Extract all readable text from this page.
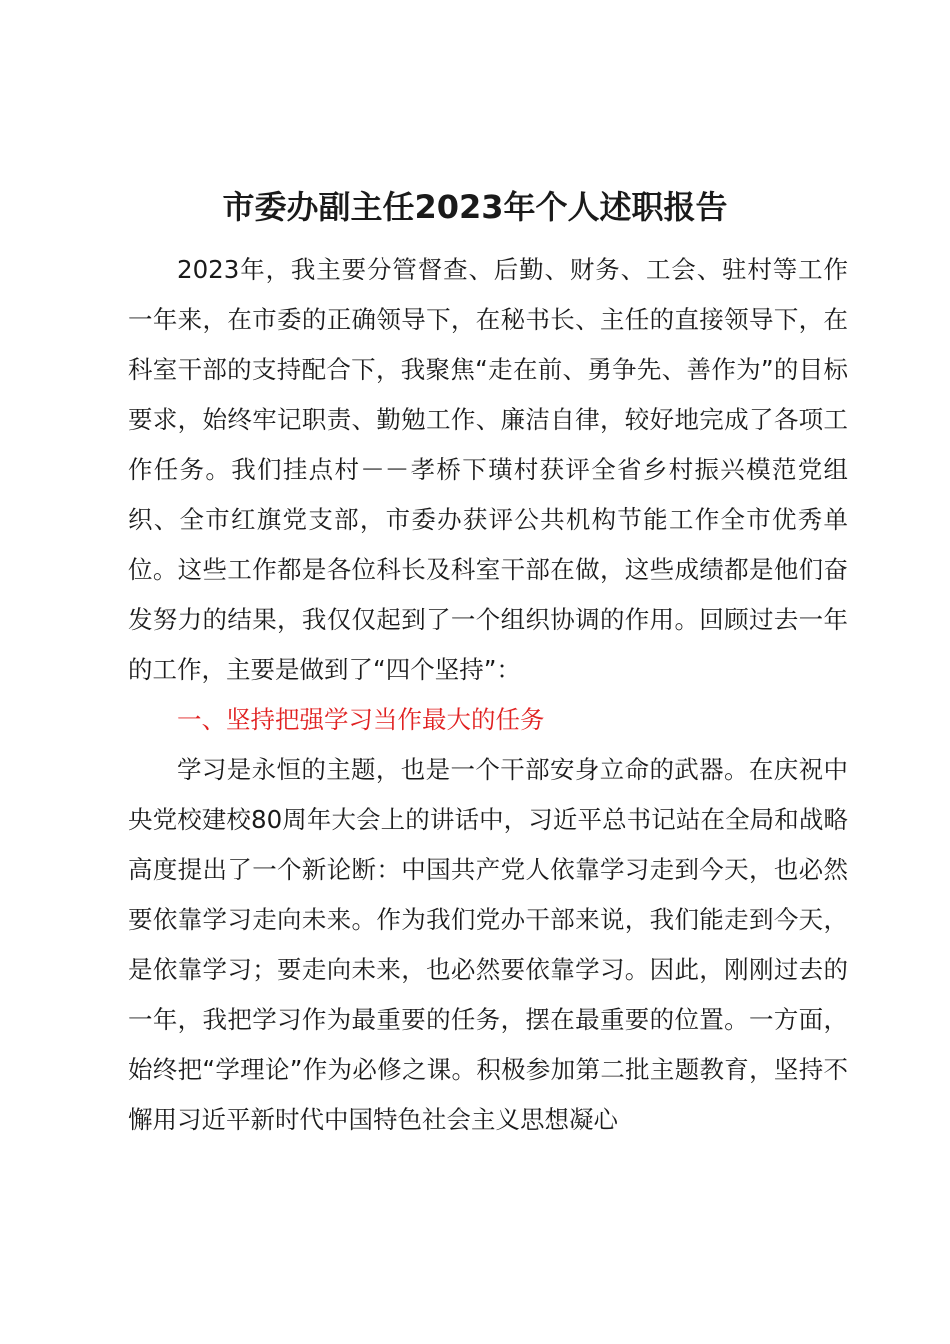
市委办副主任2023年个人述职报告

2023年，我主要分管督查、后勤、财务、工会、驻村等工作一年来，在市委的正确领导下，在秘书长、主任的直接领导下，在科室干部的支持配合下，我聚焦“走在前、勇争先、善作为”的目标要求，始终牢记职责、勤勉工作、廉洁自律，较好地完成了各项工作任务。我们挂点村－－孝桥下璜村获评全省乡村振兴模范党组织、全市红旗党支部，市委办获评公共机构节能工作全市优秀单位。这些工作都是各位科长及科室干部在做，这些成绩都是他们奋发努力的结果，我仅仅起到了一个组织协调的作用。回顾过去一年的工作，主要是做到了“四个坚持”：

一、坚持把强学习当作最大的任务

学习是永恒的主题，也是一个干部安身立命的武器。在庆祝中央党校建校80周年大会上的讲话中，习近平总书记站在全局和战略高度提出了一个新论断：中国共产党人依靠学习走到今天，也必然要依靠学习走向未来。作为我们党办干部来说，我们能走到今天，是依靠学习；要走向未来，也必然要依靠学习。因此，刚刚过去的一年，我把学习作为最重要的任务，摆在最重要的位置。一方面，始终把“学理论”作为必修之课。积极参加第二批主题教育，坚持不懈用习近平新时代中国特色社会主义思想凝心
